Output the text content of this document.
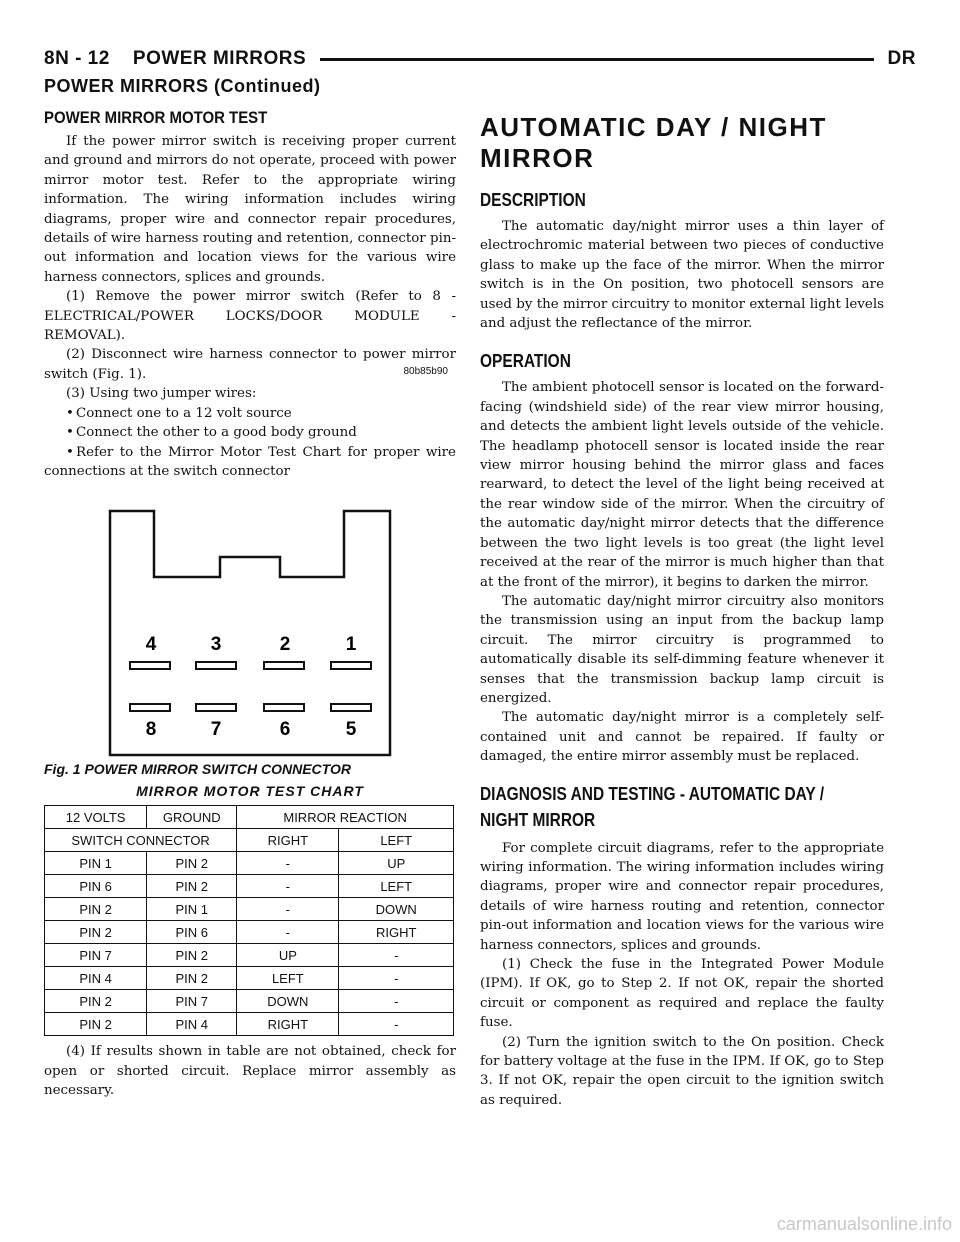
8N - 12    POWER MIRRORS	DR
POWER MIRRORS (Continued)
POWER MIRROR MOTOR TEST

If the power mirror switch is receiving proper current and ground and mirrors do not operate, proceed with power mirror motor test. Refer to the appropriate wiring information. The wiring information includes wiring diagrams, proper wire and connector repair procedures, details of wire harness routing and retention, connector pin-out information and location views for the various wire harness connectors, splices and grounds.

(1) Remove the power mirror switch (Refer to 8 - ELECTRICAL/POWER LOCKS/DOOR MODULE - REMOVAL).

(2) Disconnect wire harness connector to power mirror switch (Fig. 1).

(3) Using two jumper wires:

• Connect one to a 12 volt source
• Connect the other to a good body ground
• Refer to the Mirror Motor Test Chart for proper wire connections at the switch connector
4	3	2	1
8	7	6	5
80b85b90
Fig. 1 POWER MIRROR SWITCH CONNECTOR
MIRROR MOTOR TEST CHART
12 VOLTS	GROUND	MIRROR REACTION	
SWITCH CONNECTOR		RIGHT	LEFT
PIN 1	PIN 2	-	UP
PIN 6	PIN 2	-	LEFT
PIN 2	PIN 1	-	DOWN
PIN 2	PIN 6	-	RIGHT
PIN 7	PIN 2	UP	-
PIN 4	PIN 2	LEFT	-
PIN 2	PIN 7	DOWN	-
PIN 2	PIN 4	RIGHT	-

(4) If results shown in table are not obtained, check for open or shorted circuit. Replace mirror assembly as necessary.

AUTOMATIC DAY / NIGHT MIRROR
DESCRIPTION

The automatic day/night mirror uses a thin layer of electrochromic material between two pieces of conductive glass to make up the face of the mirror. When the mirror switch is in the On position, two photocell sensors are used by the mirror circuitry to monitor external light levels and adjust the reflectance of the mirror.

OPERATION

The ambient photocell sensor is located on the forward-facing (windshield side) of the rear view mirror housing, and detects the ambient light levels outside of the vehicle. The headlamp photocell sensor is located inside the rear view mirror housing behind the mirror glass and faces rearward, to detect the level of the light being received at the rear window side of the mirror. When the circuitry of the automatic day/night mirror detects that the difference between the two light levels is too great (the light level received at the rear of the mirror is much higher than that at the front of the mirror), it begins to darken the mirror.

The automatic day/night mirror circuitry also monitors the transmission using an input from the backup lamp circuit. The mirror circuitry is programmed to automatically disable its self-dimming feature whenever it senses that the transmission backup lamp circuit is energized.

The automatic day/night mirror is a completely self-contained unit and cannot be repaired. If faulty or damaged, the entire mirror assembly must be replaced.

DIAGNOSIS AND TESTING - AUTOMATIC DAY /
NIGHT MIRROR

For complete circuit diagrams, refer to the appropriate wiring information. The wiring information includes wiring diagrams, proper wire and connector repair procedures, details of wire harness routing and retention, connector pin-out information and location views for the various wire harness connectors, splices and grounds.

(1) Check the fuse in the Integrated Power Module (IPM). If OK, go to Step 2. If not OK, repair the shorted circuit or component as required and replace the faulty fuse.

(2) Turn the ignition switch to the On position. Check for battery voltage at the fuse in the IPM. If OK, go to Step 3. If not OK, repair the open circuit to the ignition switch as required.

carmanualsonline.info
